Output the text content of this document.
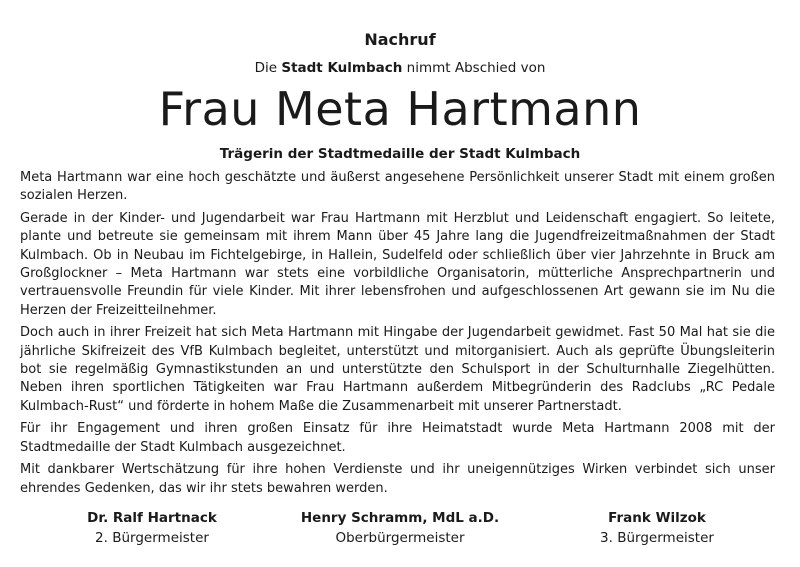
Nachruf
Die Stadt Kulmbach nimmt Abschied von
Frau Meta Hartmann
Trägerin der Stadtmedaille der Stadt Kulmbach

Meta Hartmann war eine hoch geschätzte und äußerst angesehene Persönlichkeit unserer Stadt mit einem großen sozialen Herzen.

Gerade in der Kinder- und Jugendarbeit war Frau Hartmann mit Herzblut und Leidenschaft engagiert. So leitete, plante und betreute sie gemeinsam mit ihrem Mann über 45 Jahre lang die Jugendfreizeitmaßnahmen der Stadt Kulmbach. Ob in Neubau im Fichtelgebirge, in Hallein, Sudelfeld oder schließlich über vier Jahrzehnte in Bruck am Großglockner – Meta Hartmann war stets eine vorbildliche Organisatorin, mütterliche Ansprechpartnerin und vertrauensvolle Freundin für viele Kinder. Mit ihrer lebensfrohen und aufgeschlossenen Art gewann sie im Nu die Herzen der Freizeitteilnehmer.

Doch auch in ihrer Freizeit hat sich Meta Hartmann mit Hingabe der Jugendarbeit gewidmet. Fast 50 Mal hat sie die jährliche Skifreizeit des VfB Kulmbach begleitet, unterstützt und mitorganisiert. Auch als geprüfte Übungsleiterin bot sie regelmäßig Gymnastikstunden an und unterstützte den Schulsport in der Schulturnhalle Ziegelhütten. Neben ihren sportlichen Tätigkeiten war Frau Hartmann außerdem Mitbegründerin des Radclubs „RC Pedale Kulmbach-Rust“ und förderte in hohem Maße die Zusammenarbeit mit unserer Partnerstadt.

Für ihr Engagement und ihren großen Einsatz für ihre Heimatstadt wurde Meta Hartmann 2008 mit der Stadtmedaille der Stadt Kulmbach ausgezeichnet.

Mit dankbarer Wertschätzung für ihre hohen Verdienste und ihr uneigennütziges Wirken verbindet sich unser ehrendes Gedenken, das wir ihr stets bewahren werden.

Dr. Ralf Hartnack
2. Bürgermeister
Henry Schramm, MdL a.D.
Oberbürgermeister
Frank Wilzok
3. Bürgermeister
